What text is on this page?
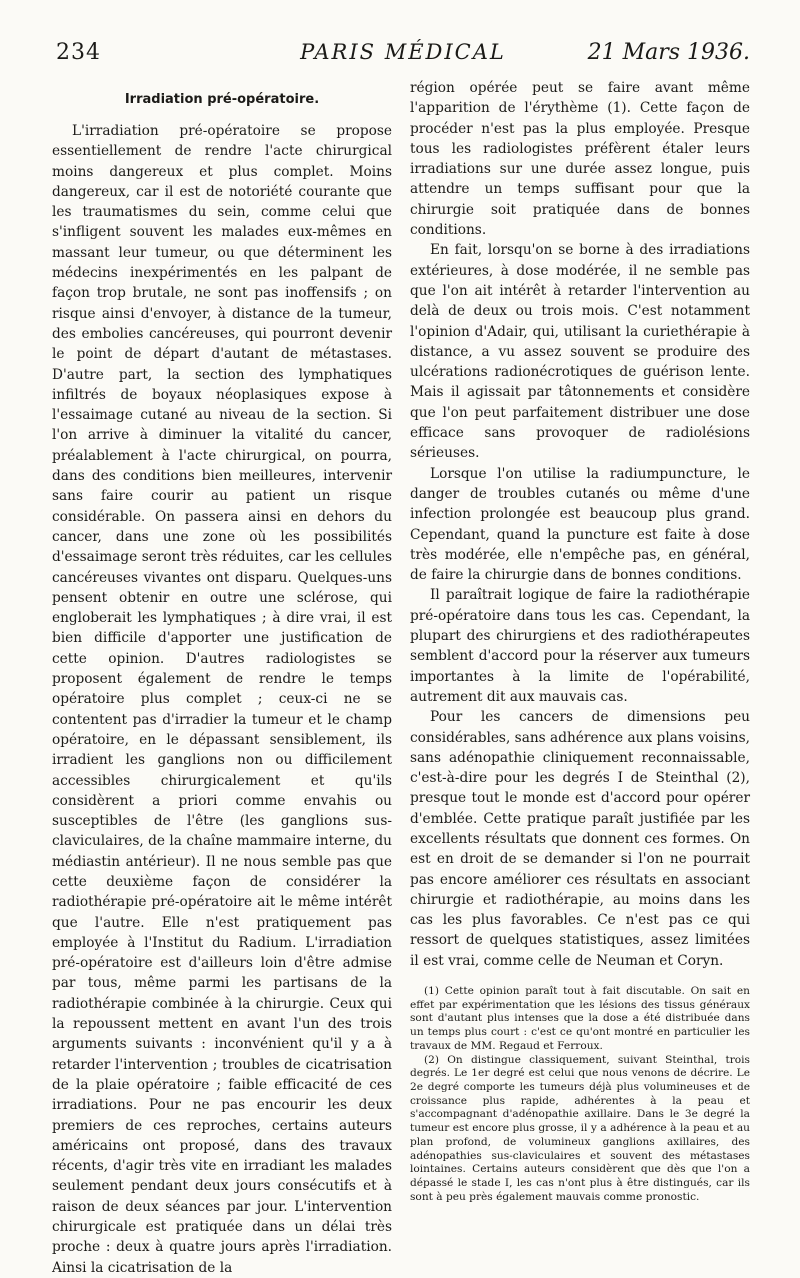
234	PARIS MÉDICAL	21 Mars 1936.
Irradiation pré-opératoire.

L'irradiation pré-opératoire se propose essentiellement de rendre l'acte chirurgical moins dangereux et plus complet. Moins dangereux, car il est de notoriété courante que les traumatismes du sein, comme celui que s'infligent souvent les malades eux-mêmes en massant leur tumeur, ou que déterminent les médecins inexpérimentés en les palpant de façon trop brutale, ne sont pas inoffensifs ; on risque ainsi d'envoyer, à distance de la tumeur, des embolies cancéreuses, qui pourront devenir le point de départ d'autant de métastases. D'autre part, la section des lymphatiques infiltrés de boyaux néoplasiques expose à l'essaimage cutané au niveau de la section. Si l'on arrive à diminuer la vitalité du cancer, préalablement à l'acte chirurgical, on pourra, dans des conditions bien meilleures, intervenir sans faire courir au patient un risque considérable. On passera ainsi en dehors du cancer, dans une zone où les possibilités d'essaimage seront très réduites, car les cellules cancéreuses vivantes ont disparu. Quelques-uns pensent obtenir en outre une sclérose, qui engloberait les lymphatiques ; à dire vrai, il est bien difficile d'apporter une justification de cette opinion. D'autres radiologistes se proposent également de rendre le temps opératoire plus complet ; ceux-ci ne se contentent pas d'irradier la tumeur et le champ opératoire, en le dépassant sensiblement, ils irradient les ganglions non ou difficilement accessibles chirurgicalement et qu'ils considèrent a priori comme envahis ou susceptibles de l'être (les ganglions sus-claviculaires, de la chaîne mammaire interne, du médiastin antérieur). Il ne nous semble pas que cette deuxième façon de considérer la radiothérapie pré-opératoire ait le même intérêt que l'autre. Elle n'est pratiquement pas employée à l'Institut du Radium. L'irradiation pré-opératoire est d'ailleurs loin d'être admise par tous, même parmi les partisans de la radiothérapie combinée à la chirurgie. Ceux qui la repoussent mettent en avant l'un des trois arguments suivants : inconvénient qu'il y a à retarder l'intervention ; troubles de cicatrisation de la plaie opératoire ; faible efficacité de ces irradiations. Pour ne pas encourir les deux premiers de ces reproches, certains auteurs américains ont proposé, dans des travaux récents, d'agir très vite en irradiant les malades seulement pendant deux jours consécutifs et à raison de deux séances par jour. L'intervention chirurgicale est pratiquée dans un délai très proche : deux à quatre jours après l'irradiation. Ainsi la cicatrisation de la

région opérée peut se faire avant même l'apparition de l'érythème (1). Cette façon de procéder n'est pas la plus employée. Presque tous les radiologistes préfèrent étaler leurs irradiations sur une durée assez longue, puis attendre un temps suffisant pour que la chirurgie soit pratiquée dans de bonnes conditions.

En fait, lorsqu'on se borne à des irradiations extérieures, à dose modérée, il ne semble pas que l'on ait intérêt à retarder l'intervention au delà de deux ou trois mois. C'est notamment l'opinion d'Adair, qui, utilisant la curiethérapie à distance, a vu assez souvent se produire des ulcérations radionécrotiques de guérison lente. Mais il agissait par tâtonnements et considère que l'on peut parfaitement distribuer une dose efficace sans provoquer de radiolésions sérieuses.

Lorsque l'on utilise la radiumpuncture, le danger de troubles cutanés ou même d'une infection prolongée est beaucoup plus grand. Cependant, quand la puncture est faite à dose très modérée, elle n'empêche pas, en général, de faire la chirurgie dans de bonnes conditions.

Il paraîtrait logique de faire la radiothérapie pré-opératoire dans tous les cas. Cependant, la plupart des chirurgiens et des radiothérapeutes semblent d'accord pour la réserver aux tumeurs importantes à la limite de l'opérabilité, autrement dit aux mauvais cas.

Pour les cancers de dimensions peu considérables, sans adhérence aux plans voisins, sans adénopathie cliniquement reconnaissable, c'est-à-dire pour les degrés I de Steinthal (2), presque tout le monde est d'accord pour opérer d'emblée. Cette pratique paraît justifiée par les excellents résultats que donnent ces formes. On est en droit de se demander si l'on ne pourrait pas encore améliorer ces résultats en associant chirurgie et radiothérapie, au moins dans les cas les plus favorables. Ce n'est pas ce qui ressort de quelques statistiques, assez limitées il est vrai, comme celle de Neuman et Coryn.

(1) Cette opinion paraît tout à fait discutable. On sait en effet par expérimentation que les lésions des tissus généraux sont d'autant plus intenses que la dose a été distribuée dans un temps plus court : c'est ce qu'ont montré en particulier les travaux de MM. Regaud et Ferroux.

(2) On distingue classiquement, suivant Steinthal, trois degrés. Le 1er degré est celui que nous venons de décrire. Le 2e degré comporte les tumeurs déjà plus volumineuses et de croissance plus rapide, adhérentes à la peau et s'accompagnant d'adénopathie axillaire. Dans le 3e degré la tumeur est encore plus grosse, il y a adhérence à la peau et au plan profond, de volumineux ganglions axillaires, des adénopathies sus-claviculaires et souvent des métastases lointaines. Certains auteurs considèrent que dès que l'on a dépassé le stade I, les cas n'ont plus à être distingués, car ils sont à peu près également mauvais comme pronostic.
